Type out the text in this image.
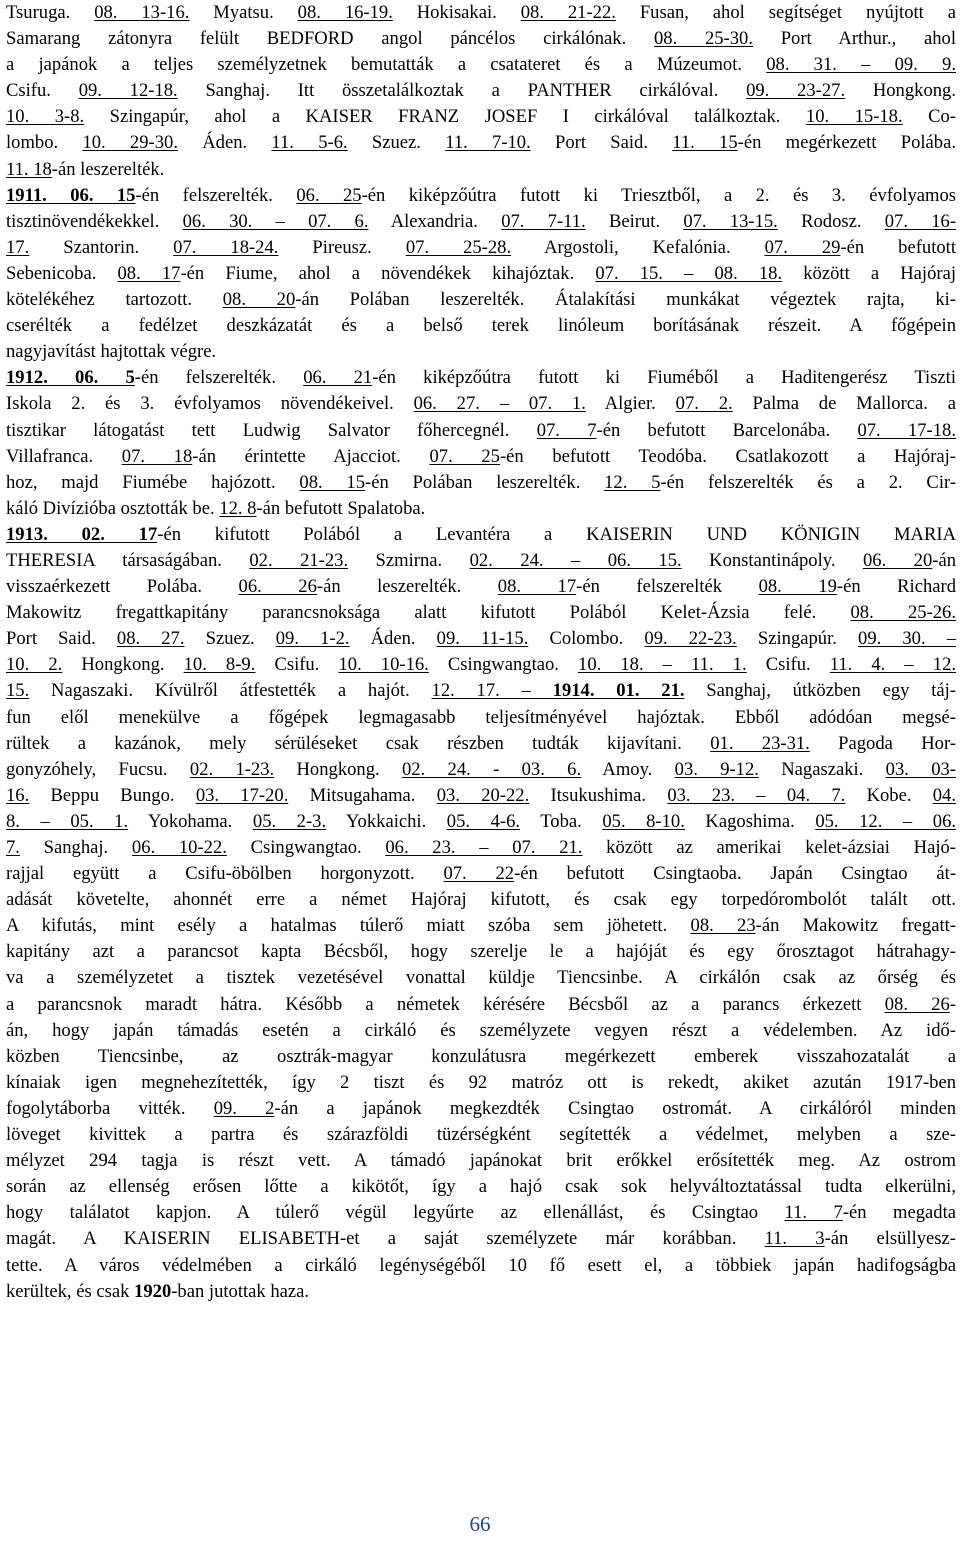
Tsuruga. 08. 13-16. Myatsu. 08. 16-19. Hokisakai. 08. 21-22. Fusan, ahol segítséget nyújtott a
Samarang zátonyra felült BEDFORD angol páncélos cirkálónak. 08. 25-30. Port Arthur., ahol
a japánok a teljes személyzetnek bemutatták a csatateret és a Múzeumot. 08. 31. – 09. 9.
Csifu. 09. 12-18. Sanghaj. Itt összetalálkoztak a PANTHER cirkálóval. 09. 23-27. Hongkong.
10. 3-8. Szingapúr, ahol a KAISER FRANZ JOSEF I cirkálóval találkoztak. 10. 15-18. Co-
lombo. 10. 29-30. Áden. 11. 5-6. Szuez. 11. 7-10. Port Said. 11. 15-én megérkezett Polába.
11. 18-án leszerelték.
1911. 06. 15-én felszerelték. 06. 25-én kiképzőútra futott ki Triesztből, a 2. és 3. évfolyamos
tisztinövendékekkel. 06. 30. – 07. 6. Alexandria. 07. 7-11. Beirut. 07. 13-15. Rodosz. 07. 16-
17. Szantorin. 07. 18-24. Pireusz. 07. 25-28. Argostoli, Kefalónia. 07. 29-én befutott
Sebenicoba. 08. 17-én Fiume, ahol a növendékek kihajóztak. 07. 15. – 08. 18. között a Hajóraj
kötelékéhez tartozott. 08. 20-án Polában leszerelték. Átalakítási munkákat végeztek rajta, ki-
cserélték a fedélzet deszkázatát és a belső terek linóleum borításának részeit. A főgépein
nagyjavítást hajtottak végre.
1912. 06. 5-én felszerelték. 06. 21-én kiképzőútra futott ki Fiuméből a Haditengerész Tiszti
Iskola 2. és 3. évfolyamos növendékeivel. 06. 27. – 07. 1. Algier. 07. 2. Palma de Mallorca. a
tisztikar látogatást tett Ludwig Salvator főhercegnél. 07. 7-én befutott Barcelonába. 07. 17-18.
Villafranca. 07. 18-án érintette Ajacciot. 07. 25-én befutott Teodóba. Csatlakozott a Hajóraj-
hoz, majd Fiumébe hajózott. 08. 15-én Polában leszerelték. 12. 5-én felszerelték és a 2. Cir-
káló Divízióba osztották be. 12. 8-án befutott Spalatoba.
1913. 02. 17-én kifutott Polából a Levantéra a KAISERIN UND KÖNIGIN MARIA
THERESIA társaságában. 02. 21-23. Szmirna. 02. 24. – 06. 15. Konstantinápoly. 06. 20-án
visszaérkezett Polába. 06. 26-án leszerelték. 08. 17-én felszerelték 08. 19-én Richard
Makowitz fregattkapitány parancsnoksága alatt kifutott Polából Kelet-Ázsia felé. 08. 25-26.
Port Said. 08. 27. Szuez. 09. 1-2. Áden. 09. 11-15. Colombo. 09. 22-23. Szingapúr. 09. 30. –
10. 2. Hongkong. 10. 8-9. Csifu. 10. 10-16. Csingwangtao. 10. 18. – 11. 1. Csifu. 11. 4. – 12.
15. Nagaszaki. Kívülről átfestették a hajót. 12. 17. – 1914. 01. 21. Sanghaj, útközben egy táj-
fun elől menekülve a főgépek legmagasabb teljesítményével hajóztak. Ebből adódóan megsé-
rültek a kazánok, mely sérüléseket csak részben tudták kijavítani. 01. 23-31. Pagoda Hor-
gonyzóhely, Fucsu. 02. 1-23. Hongkong. 02. 24. - 03. 6. Amoy. 03. 9-12. Nagaszaki. 03. 03-
16. Beppu Bungo. 03. 17-20. Mitsugahama. 03. 20-22. Itsukushima. 03. 23. – 04. 7. Kobe. 04.
8. – 05. 1. Yokohama. 05. 2-3. Yokkaichi. 05. 4-6. Toba. 05. 8-10. Kagoshima. 05. 12. – 06.
7. Sanghaj. 06. 10-22. Csingwangtao. 06. 23. – 07. 21. között az amerikai kelet-ázsiai Hajó-
rajjal együtt a Csifu-öbölben horgonyzott. 07. 22-én befutott Csingtaoba. Japán Csingtao át-
adását követelte, ahonnét erre a német Hajóraj kifutott, és csak egy torpedórombolót talált ott.
A kifutás, mint esély a hatalmas túlerő miatt szóba sem jöhetett. 08. 23-án Makowitz fregatt-
kapitány azt a parancsot kapta Bécsből, hogy szerelje le a hajóját és egy őrosztagot hátrahagy-
va a személyzetet a tisztek vezetésével vonattal küldje Tiencsinbe. A cirkálón csak az őrség és
a parancsnok maradt hátra. Később a németek kérésére Bécsből az a parancs érkezett 08. 26-
án, hogy japán támadás esetén a cirkáló és személyzete vegyen részt a védelemben. Az idő-
közben Tiencsinbe, az osztrák-magyar konzulátusra megérkezett emberek visszahozatalát a
kínaiak igen megnehezítették, így 2 tiszt és 92 matróz ott is rekedt, akiket azután 1917-ben
fogolytáborba vitték. 09. 2-án a japánok megkezdték Csingtao ostromát. A cirkálóról minden
löveget kivittek a partra és szárazföldi tüzérségként segítették a védelmet, melyben a sze-
mélyzet 294 tagja is részt vett. A támadó japánokat brit erőkkel erősítették meg. Az ostrom
során az ellenség erősen lőtte a kikötőt, így a hajó csak sok helyváltoztatással tudta elkerülni,
hogy találatot kapjon. A túlerő végül legyűrte az ellenállást, és Csingtao 11. 7-én megadta
magát. A KAISERIN ELISABETH-et a saját személyzete már korábban. 11. 3-án elsüllyesz-
tette. A város védelmében a cirkáló legénységéből 10 fő esett el, a többiek japán hadifogságba
kerültek, és csak 1920-ban jutottak haza.
66
